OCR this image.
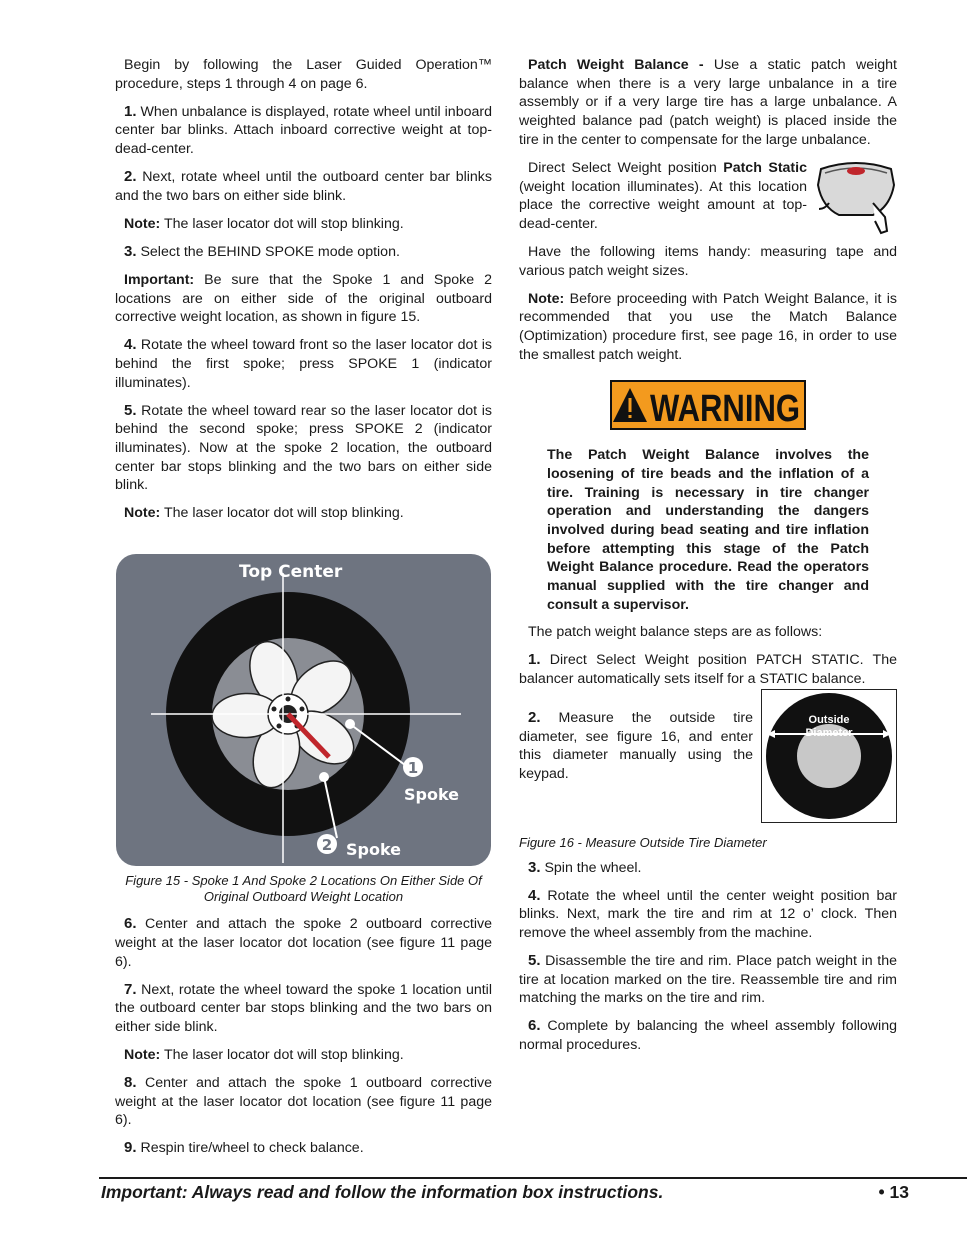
Begin by following the Laser Guided Operation™ procedure, steps 1 through 4 on page 6.

1. When unbalance is displayed, rotate wheel until inboard center bar blinks. Attach inboard corrective weight at top-dead-center.

2. Next, rotate wheel until the outboard center bar blinks and the two bars on either side blink.

Note: The laser locator dot will stop blinking.

3. Select the BEHIND SPOKE mode option.

Important: Be sure that the Spoke 1 and Spoke 2 locations are on either side of the original outboard corrective weight location, as shown in figure 15.

4. Rotate the wheel toward front so the laser locator dot is behind the first spoke; press SPOKE 1 (indicator illuminates).

5. Rotate the wheel toward rear so the laser locator dot is behind the second spoke; press SPOKE 2 (indicator illuminates). Now at the spoke 2 location, the outboard center bar stops blinking and the two bars on either side blink.

Note: The laser locator dot will stop blinking.

Top Center
1
Spoke
2 Spoke

Figure 15 - Spoke 1 And Spoke 2 Locations On Either Side Of Original Outboard Weight Location

6. Center and attach the spoke 2 outboard corrective weight at the laser locator dot location (see figure 11 page 6).

7. Next, rotate the wheel toward the spoke 1 location until the outboard center bar stops blinking and the two bars on either side blink.

Note: The laser locator dot will stop blinking.

8. Center and attach the spoke 1 outboard corrective weight at the laser locator dot location (see figure 11 page 6).

9. Respin tire/wheel to check balance.

Patch Weight Balance - Use a static patch weight balance when there is a very large unbalance in a tire assembly or if a very large tire has a large unbalance. A weighted balance pad (patch weight) is placed inside the tire in the center to compensate for the large unbalance.

Direct Select Weight position Patch Static (weight location illuminates). At this location place the corrective weight amount at top-dead-center.

Have the following items handy: measuring tape and various patch weight sizes.

Note: Before proceeding with Patch Weight Balance, it is recommended that you use the Match Balance (Optimization) procedure first, see page 16, in order to use the smallest patch weight.

WARNING

The Patch Weight Balance involves the loosening of tire beads and the inflation of a tire. Training is necessary in tire changer operation and understanding the dangers involved during bead seating and tire inflation before attempting this stage of the Patch Weight Balance procedure. Read the operators manual supplied with the tire changer and consult a supervisor.

The patch weight balance steps are as follows:

1. Direct Select Weight position PATCH STATIC. The balancer automatically sets itself for a STATIC balance.

Outside
Diameter

2. Measure the outside tire diameter, see figure 16, and enter this diameter manually using the keypad.

Figure 16 - Measure Outside Tire Diameter

3. Spin the wheel.

4. Rotate the wheel until the center weight position bar blinks. Next, mark the tire and rim at 12 o’ clock. Then remove the wheel assembly from the machine.

5. Disassemble the tire and rim. Place patch weight in the tire at location marked on the tire. Reassemble tire and rim matching the marks on the tire and rim.

6. Complete by balancing the wheel assembly following normal procedures.

Important: Always read and follow the information box instructions.	• 13
